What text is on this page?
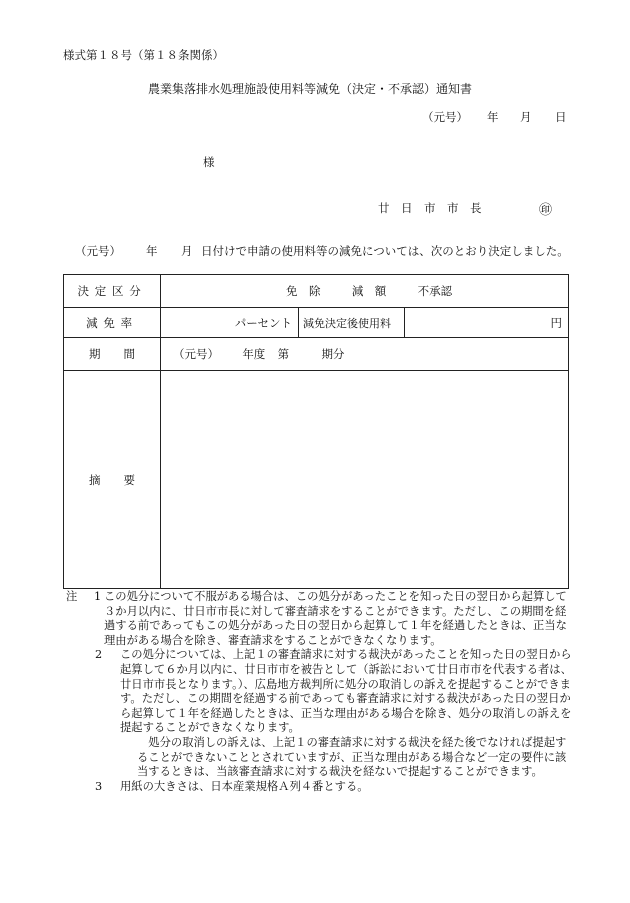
様式第１８号（第１８条関係）
農業集落排水処理施設使用料等減免（決定・不承認）通知書
（元号） 年 月 日
様
廿　日　市　市　長	㊞
（元号） 年 月 日付けで申請の使用料等の減免については、次のとおり決定しました。
決定区分	免　除 減　額 不承認		
減免率	パーセント	減免決定後使用料	円
期　　間	（元号） 年度 第 期分		
摘　　要			
注 1 この処分について不服がある場合は、この処分があったことを知った日の翌日から起算して３か月以内に、廿日市市長に対して審査請求をすることができます。ただし、この期間を経過する前であってもこの処分があった日の翌日から起算して１年を経過したときは、正当な理由がある場合を除き、審査請求をすることができなくなります。
2 この処分については、上記１の審査請求に対する裁決があったことを知った日の翌日から起算して６か月以内に、廿日市市を被告として（訴訟において廿日市市を代表する者は、廿日市市長となります。）、広島地方裁判所に処分の取消しの訴えを提起することができます。ただし、この期間を経過する前であっても審査請求に対する裁決があった日の翌日から起算して１年を経過したときは、正当な理由がある場合を除き、処分の取消しの訴えを提起することができなくなります。
処分の取消しの訴えは、上記１の審査請求に対する裁決を経た後でなければ提起することができないこととされていますが、正当な理由がある場合など一定の要件に該当するときは、当該審査請求に対する裁決を経ないで提起することができます。
3 用紙の大きさは、日本産業規格Ａ列４番とする。
